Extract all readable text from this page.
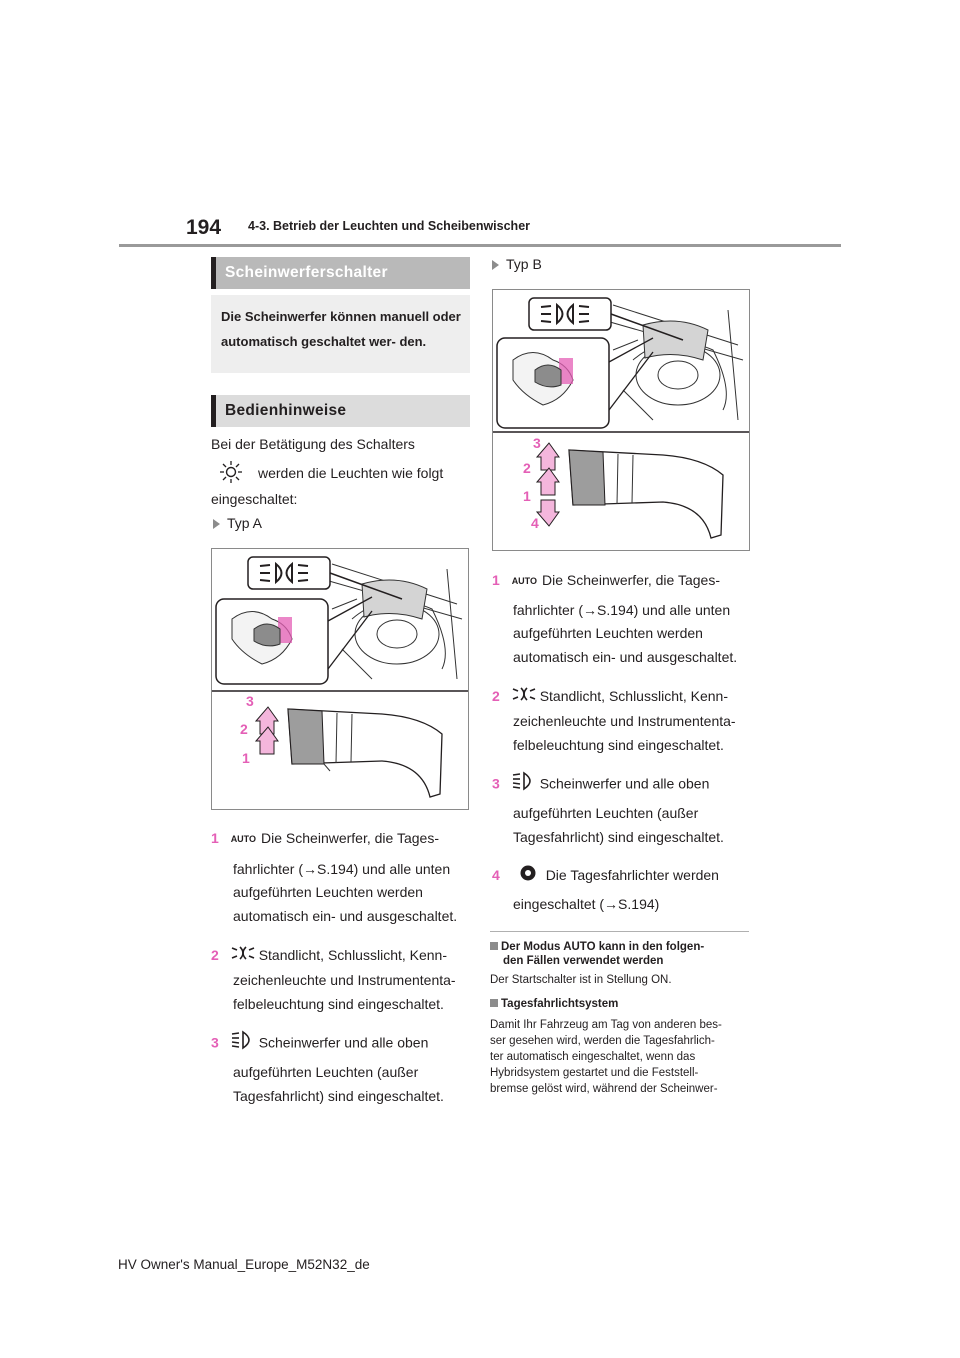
194 4-3. Betrieb der Leuchten und Scheibenwischer
Scheinwerferschalter

Die Scheinwerfer können manuell oder automatisch geschaltet wer- den.

Bedienhinweise
Bei der Betätigung des Schalters
werden die Leuchten wie folgt
eingeschaltet:
Typ A
3
2
1
1 AUTO Die Scheinwerfer, die Tages-
fahrlichter (→S.194) und alle unten
aufgeführten Leuchten werden
automatisch ein- und ausgeschaltet.
2	Standlicht, Schlusslicht, Kenn-
zeichenleuchte und Instrumententa-
felbeleuchtung sind eingeschaltet.
3	Scheinwerfer und alle oben
aufgeführten Leuchten (außer
Tagesfahrlicht) sind eingeschaltet.
Typ B
3
2
1
4
1 AUTO Die Scheinwerfer, die Tages-
fahrlichter (→S.194) und alle unten
aufgeführten Leuchten werden
automatisch ein- und ausgeschaltet.
2	Standlicht, Schlusslicht, Kenn-
zeichenleuchte und Instrumententa-
felbeleuchtung sind eingeschaltet.
3	Scheinwerfer und alle oben
aufgeführten Leuchten (außer
Tagesfahrlicht) sind eingeschaltet.
4	Die Tagesfahrlichter werden
eingeschaltet (→S.194)
Der Modus AUTO kann in den folgen-
den Fällen verwendet werden
Der Startschalter ist in Stellung ON.
Tagesfahrlichtsystem
Damit Ihr Fahrzeug am Tag von anderen bes-
ser gesehen wird, werden die Tagesfahrlich-
ter automatisch eingeschaltet, wenn das
Hybridsystem gestartet und die Feststell-
bremse gelöst wird, während der Scheinwer-
HV Owner's Manual_Europe_M52N32_de
